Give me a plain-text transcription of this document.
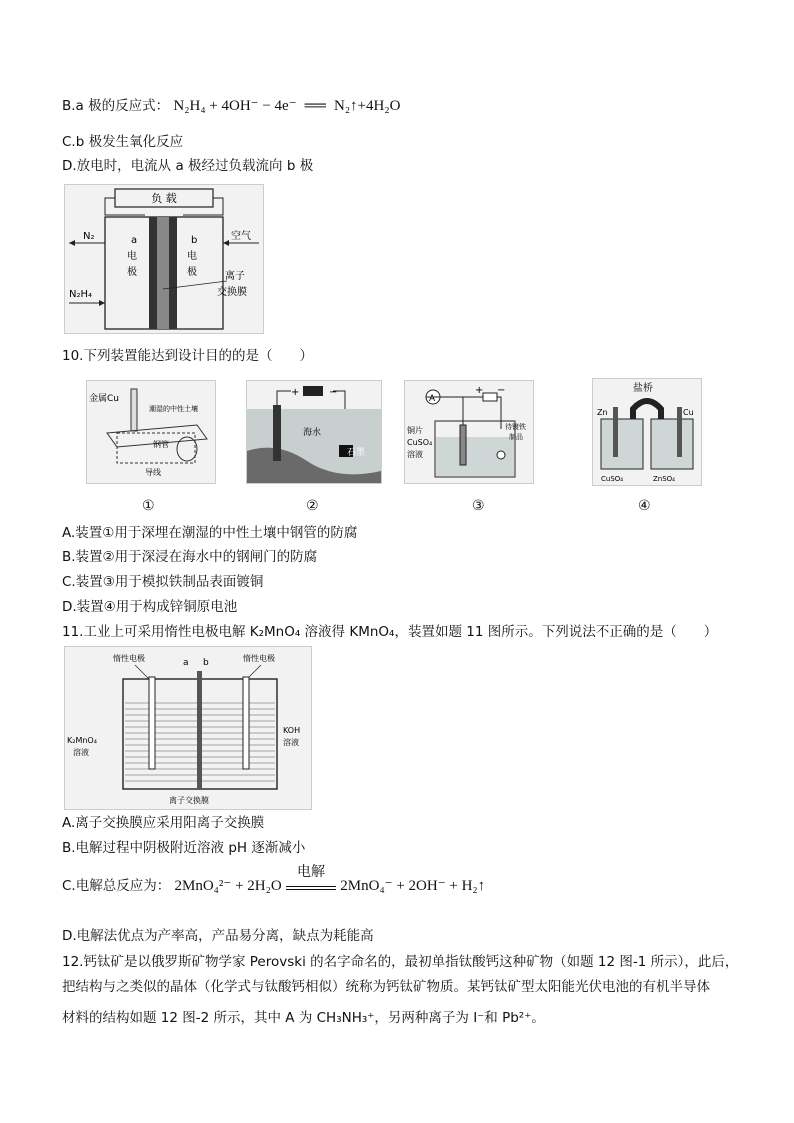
B.a 极的反应式： N₂H₄ + 4OH⁻ − 4e⁻  ══  N₂↑+4H₂O
C.b 极发生氧化反应
D.放电时，电流从 a 极经过负载流向 b 极
负 载
a
电
极
b
电
极
N₂
N₂H₄
空气
离子
交换膜
10.下列装置能达到设计目的的是（　　）
金属Cu
潮湿的中性土壤
钢管
导线
+	−
海水
石墨
A
+ −
铜片
CuSO₄
溶液
待镀铁
制品
盐桥
Zn	Cu
CuSO₄	ZnSO₄
①	②	③	④
A.装置①用于深埋在潮湿的中性土壤中钢管的防腐
B.装置②用于深浸在海水中的钢闸门的防腐
C.装置③用于模拟铁制品表面镀铜
D.装置④用于构成锌铜原电池
11.工业上可采用惰性电极电解 K₂MnO₄ 溶液得 KMnO₄，装置如题 11 图所示。下列说法不正确的是（　　）
惰性电极	惰性电极
a b
K₂MnO₄
溶液
KOH
溶液
离子交换膜
A.离子交换膜应采用阳离子交换膜
B.电解过程中阴极附近溶液 pH 逐渐减小
C.电解总反应为： 2MnO₄²⁻ + 2H₂O
电解
2MnO₄⁻ + 2OH⁻ + H₂↑
D.电解法优点为产率高，产品易分离，缺点为耗能高
12.钙钛矿是以俄罗斯矿物学家 Perovski 的名字命名的，最初单指钛酸钙这种矿物（如题 12 图-1 所示），此后，
把结构与之类似的晶体（化学式与钛酸钙相似）统称为钙钛矿物质。某钙钛矿型太阳能光伏电池的有机半导体
材料的结构如题 12 图-2 所示，其中 A 为 CH₃NH₃⁺，另两种离子为 I⁻和 Pb²⁺。
